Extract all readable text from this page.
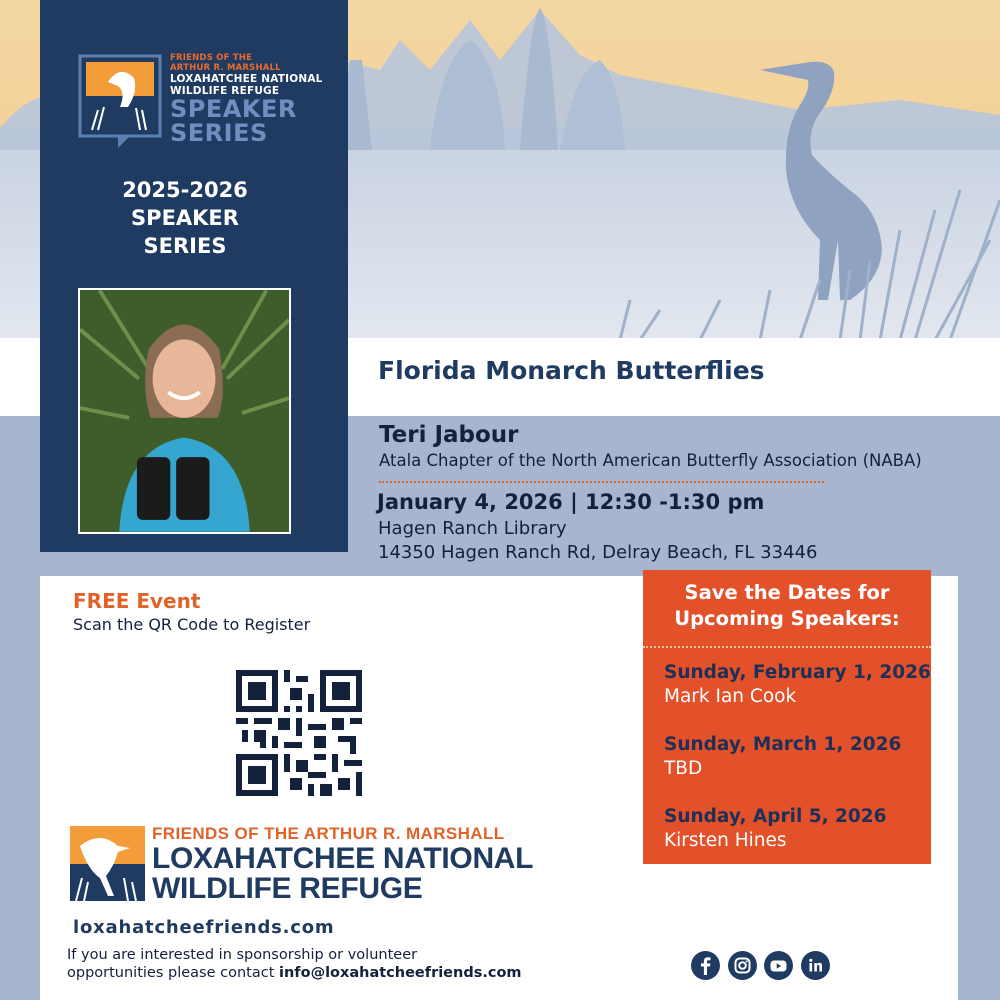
FRIENDS OF THE
ARTHUR R. MARSHALL
LOXAHATCHEE NATIONAL
WILDLIFE REFUGE
SPEAKER
SERIES
2025-2026
SPEAKER
SERIES
Florida Monarch Butterflies
Teri Jabour
Atala Chapter of the North American Butterfly Association (NABA)
January 4, 2026 | 12:30 -1:30 pm
Hagen Ranch Library
14350 Hagen Ranch Rd, Delray Beach, FL 33446
FREE Event
Scan the QR Code to Register
FRIENDS OF THE ARTHUR R. MARSHALL
LOXAHATCHEE NATIONAL
WILDLIFE REFUGE
loxahatcheefriends.com
If you are interested in sponsorship or volunteer
opportunities please contact info@loxahatcheefriends.com
Save the Dates for
Upcoming Speakers:
Sunday, February 1, 2026
Mark Ian Cook
Sunday, March 1, 2026
TBD
Sunday, April 5, 2026
Kirsten Hines
